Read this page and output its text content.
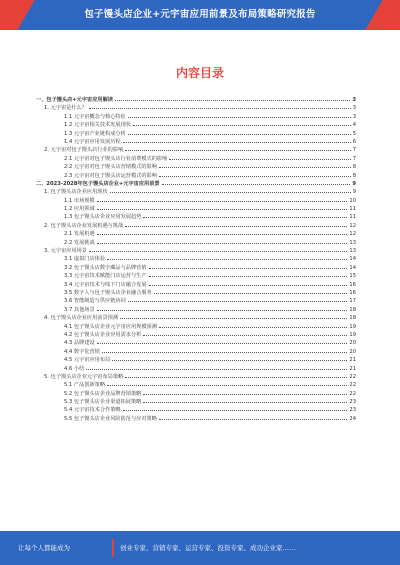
包子馒头店企业+元宇宙应用前景及布局策略研究报告
内容目录
一、包子馒头店+元宇宙应用解读	3
1. 元宇宙是什么？	3
1.1 元宇宙概念与核心特征	3
1.2 元宇宙相关技术发展现状	4
1.3 元宇宙产业链构成分析	5
1.4 元宇宙应用发展历程	6
2. 元宇宙对包子馒头店行业的影响	7
2.1 元宇宙对包子馒头店行业消费模式的影响	7
2.2 元宇宙对包子馒头店营销模式的影响	8
2.3 元宇宙对包子馒头店运营模式的影响	8
二、2023-2028年包子馒头店企业+元宇宙应用前景	9
1. 包子馒头店企业应用现状	9
1.1 市场规模	10
1.2 应用领域	11
1.3 包子馒头店企业应用发展趋势	11
2. 包子馒头店企业发展机遇与挑战	12
2.1 发展机遇	12
2.2 发展挑战	13
3. 元宇宙应用场景	13
3.1 虚拟门店体验	14
3.2 包子馒头店数字藏品与品牌营销	14
3.3 元宇宙技术赋能门店运营与生产	15
3.4 元宇宙技术与线下门店融合发展	16
3.5 数字人与包子馒头店企业融合服务	16
3.6 智能制造与供应链协同	17
3.7 其他场景	18
4. 包子馒头店企业应用前景预测	18
4.1 包子馒头店企业元宇宙应用规模预测	19
4.2 包子馒头店企业应用需求分析	19
4.3 品牌建设	20
4.4 数字化营销	20
4.5 元宇宙应用布局	21
4.6 小结	21
5. 包子馒头店企业元宇宙布局策略	22
5.1 产品创新策略	22
5.2 包子馒头店企业品牌营销策略	22
5.3 包子馒头店企业渠道拓展策略	23
5.4 元宇宙技术合作策略	23
5.5 包子馒头店企业风险防范与应对策略	24
让每个人都能成为	创业专家、营销专家、运营专家、投资专家、成功企业家……
